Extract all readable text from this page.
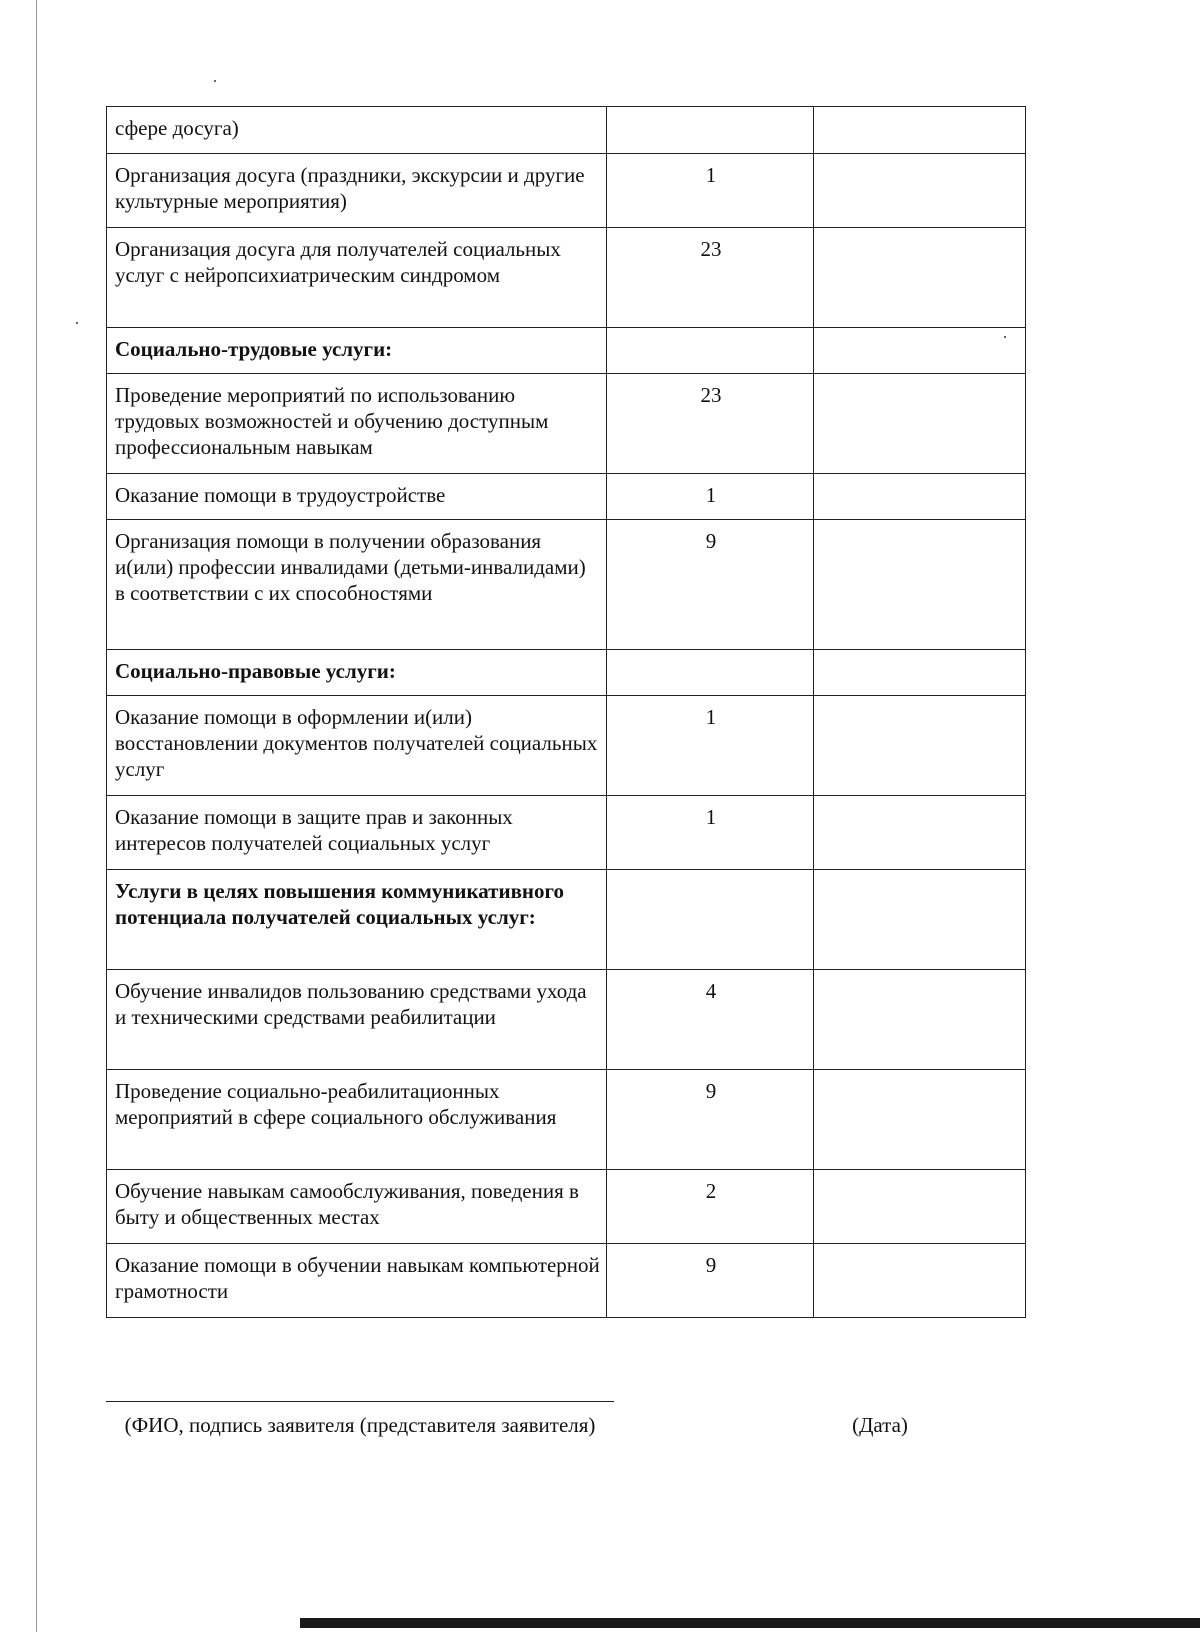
сфере досуга)		
Организация досуга (праздники, экскурсии и другие культурные мероприятия)	1	
Организация досуга для получателей социальных услуг с нейропсихиатрическим синдромом	23	
Социально-трудовые услуги:		
Проведение мероприятий по использованию трудовых возможностей и обучению доступным профессиональным навыкам	23	
Оказание помощи в трудоустройстве	1	
Организация помощи в получении образования и(или) профессии инвалидами (детьми-инвалидами) в соответствии с их способностями	9	
Социально-правовые услуги:		
Оказание помощи в оформлении и(или) восстановлении документов получателей социальных услуг	1	
Оказание помощи в защите прав и законных интересов получателей социальных услуг	1	
Услуги в целях повышения коммуникативного потенциала получателей социальных услуг:		
Обучение инвалидов пользованию средствами ухода и техническими средствами реабилитации	4	
Проведение социально-реабилитационных мероприятий в сфере социального обслуживания	9	
Обучение навыкам самообслуживания, поведения в быту и общественных местах	2	
Оказание помощи в обучении навыкам компьютерной грамотности	9	
(ФИО, подпись заявителя (представителя заявителя)	(Дата)
